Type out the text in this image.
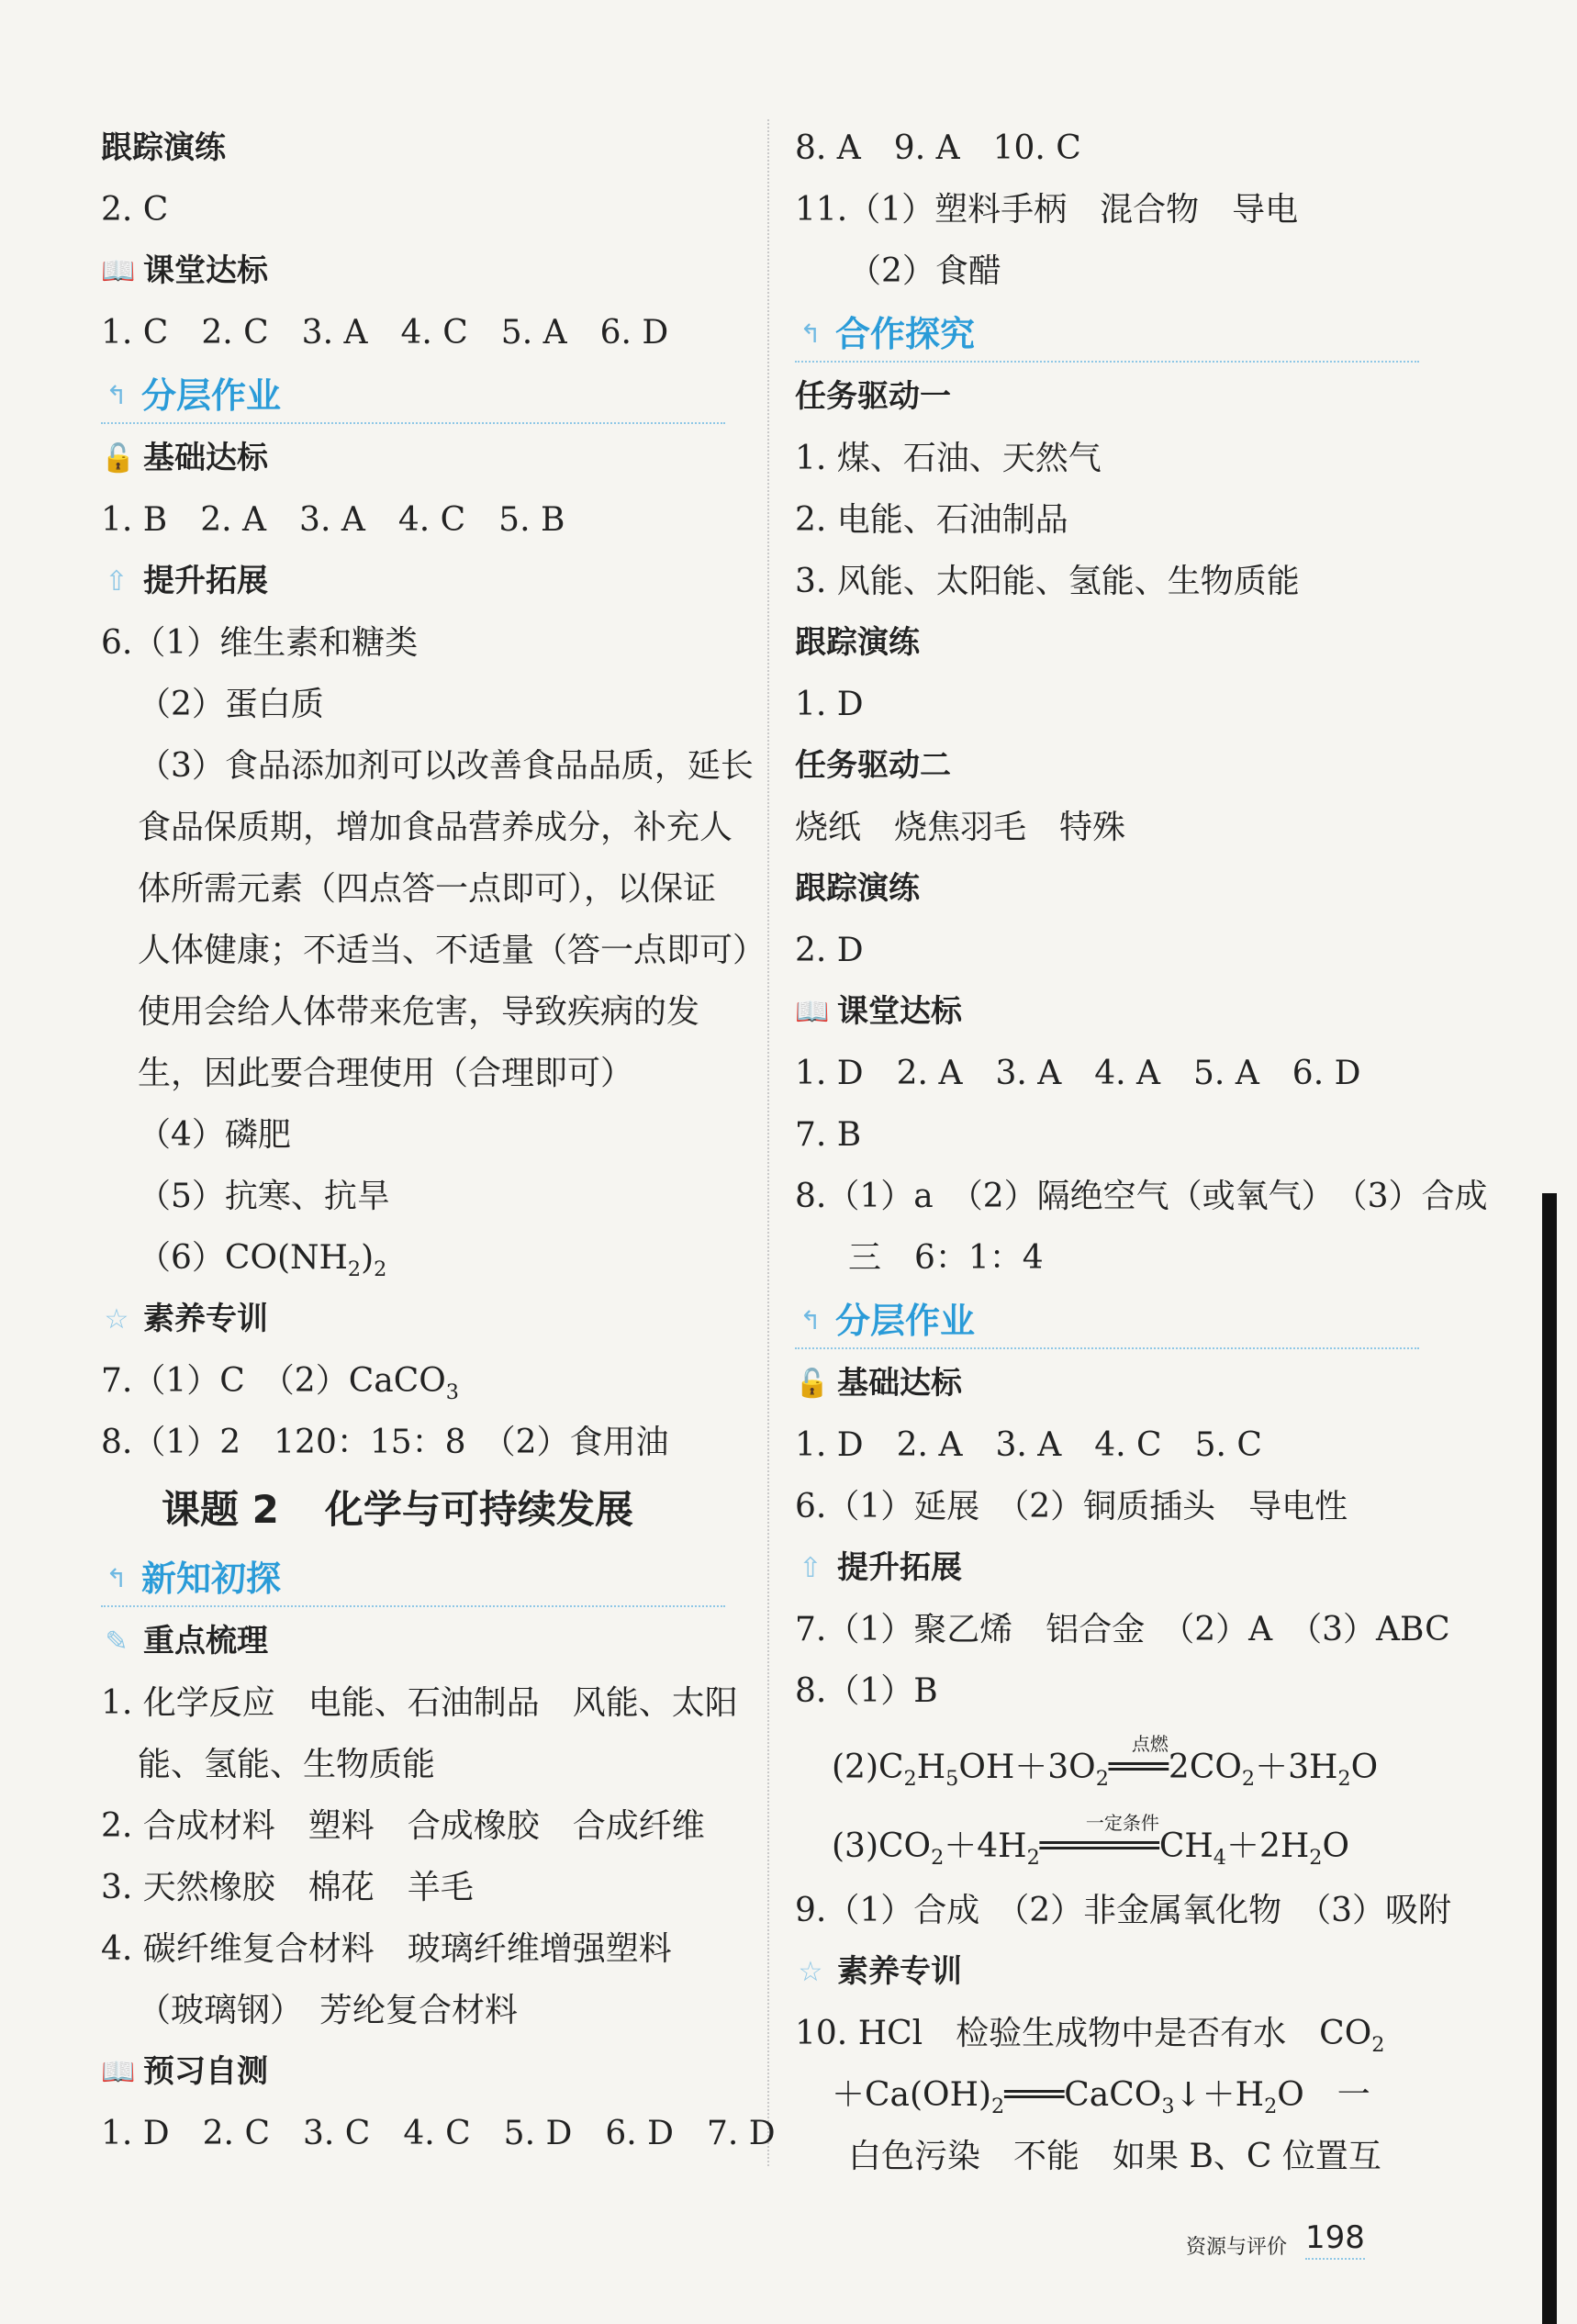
跟踪演练
2. C
📖 课堂达标
1. C　2. C　3. A　4. C　5. A　6. D
↰ 分层作业
🔓 基础达标
1. B　2. A　3. A　4. C　5. B
⇧ 提升拓展
6.（1）维生素和糖类
（2）蛋白质
（3）食品添加剂可以改善食品品质，延长
食品保质期，增加食品营养成分，补充人
体所需元素（四点答一点即可），以保证
人体健康；不适当、不适量（答一点即可）
使用会给人体带来危害，导致疾病的发
生，因此要合理使用（合理即可）
（4）磷肥
（5）抗寒、抗旱
$(6)CO(NH_2)_2$
☆ 素养专训
7.（1）C　（2）CaCO$_3$
8.（1）2　120：15：8　（2）食用油
课题 2 化学与可持续发展
↰ 新知初探
✎ 重点梳理
1. 化学反应　电能、石油制品　风能、太阳
能、氢能、生物质能
2. 合成材料　塑料　合成橡胶　合成纤维
3. 天然橡胶　棉花　羊毛
4. 碳纤维复合材料　玻璃纤维增强塑料
（玻璃钢）　芳纶复合材料
📖 预习自测
1. D　2. C　3. C　4. C　5. D　6. D　7. D
8. A　9. A　10. C
11.（1）塑料手柄　混合物　导电
（2）食醋
↰ 合作探究
任务驱动一
1. 煤、石油、天然气
2. 电能、石油制品
3. 风能、太阳能、氢能、生物质能
跟踪演练
1. D
任务驱动二
烧纸　烧焦羽毛　特殊
跟踪演练
2. D
📖 课堂达标
1. D　2. A　3. A　4. A　5. A　6. D
7. B
8.（1）a　（2）隔绝空气（或氧气）　（3）合成
三　6：1：4
↰ 分层作业
🔓 基础达标
1. D　2. A　3. A　4. C　5. C
6.（1）延展　（2）铜质插头　导电性
⇧ 提升拓展
7.（1）聚乙烯　铝合金　（2）A　（3）ABC
8.（1）B
$(2)C_2H_5OH+3O_2═══$
点燃
$2CO_2+3H_2O$
$(3)CO_2+4H_2══════$
一定条件
$CH_4+2H_2O$
9.（1）合成　（2）非金属氧化物　（3）吸附
☆ 素养专训
10. HCl　检验生成物中是否有水　$CO_2$
$+Ca(OH)_2═══CaCO_3↓+H_2O$　一
白色污染　不能　如果 B、C 位置互
资源与评价 198
